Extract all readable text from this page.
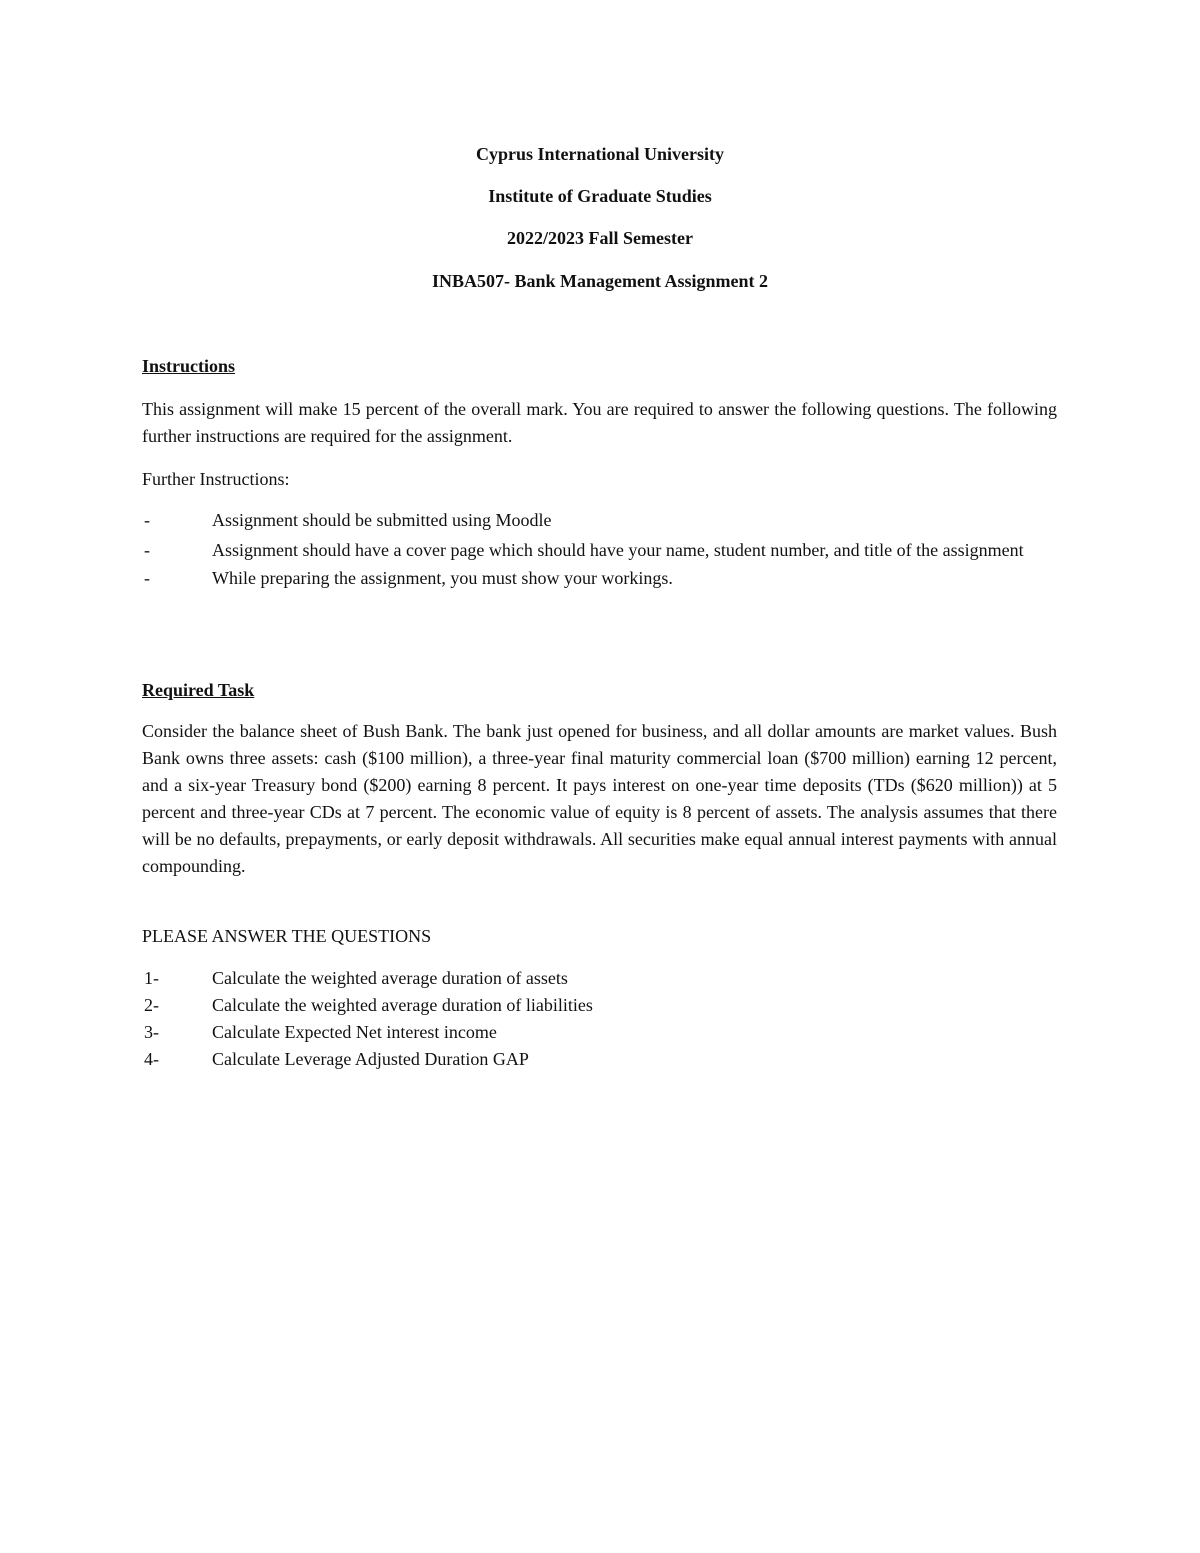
Cyprus International University
Institute of Graduate Studies
2022/2023 Fall Semester
INBA507- Bank Management Assignment 2
Instructions

This assignment will make 15 percent of the overall mark. You are required to answer the following questions. The following further instructions are required for the assignment.

Further Instructions:
-	Assignment should be submitted using Moodle
-	Assignment should have a cover page which should have your name, student number, and title of the assignment
-	While preparing the assignment, you must show your workings.
Required Task

Consider the balance sheet of Bush Bank. The bank just opened for business, and all dollar amounts are market values. Bush Bank owns three assets: cash ($100 million), a three-year final maturity commercial loan ($700 million) earning 12 percent, and a six-year Treasury bond ($200) earning 8 percent. It pays interest on one-year time deposits (TDs ($620 million)) at 5 percent and three-year CDs at 7 percent. The economic value of equity is 8 percent of assets. The analysis assumes that there will be no defaults, prepayments, or early deposit withdrawals. All securities make equal annual interest payments with annual compounding.

PLEASE ANSWER THE QUESTIONS
1-	Calculate the weighted average duration of assets
2-	Calculate the weighted average duration of liabilities
3-	Calculate Expected Net interest income
4-	Calculate Leverage Adjusted Duration GAP
